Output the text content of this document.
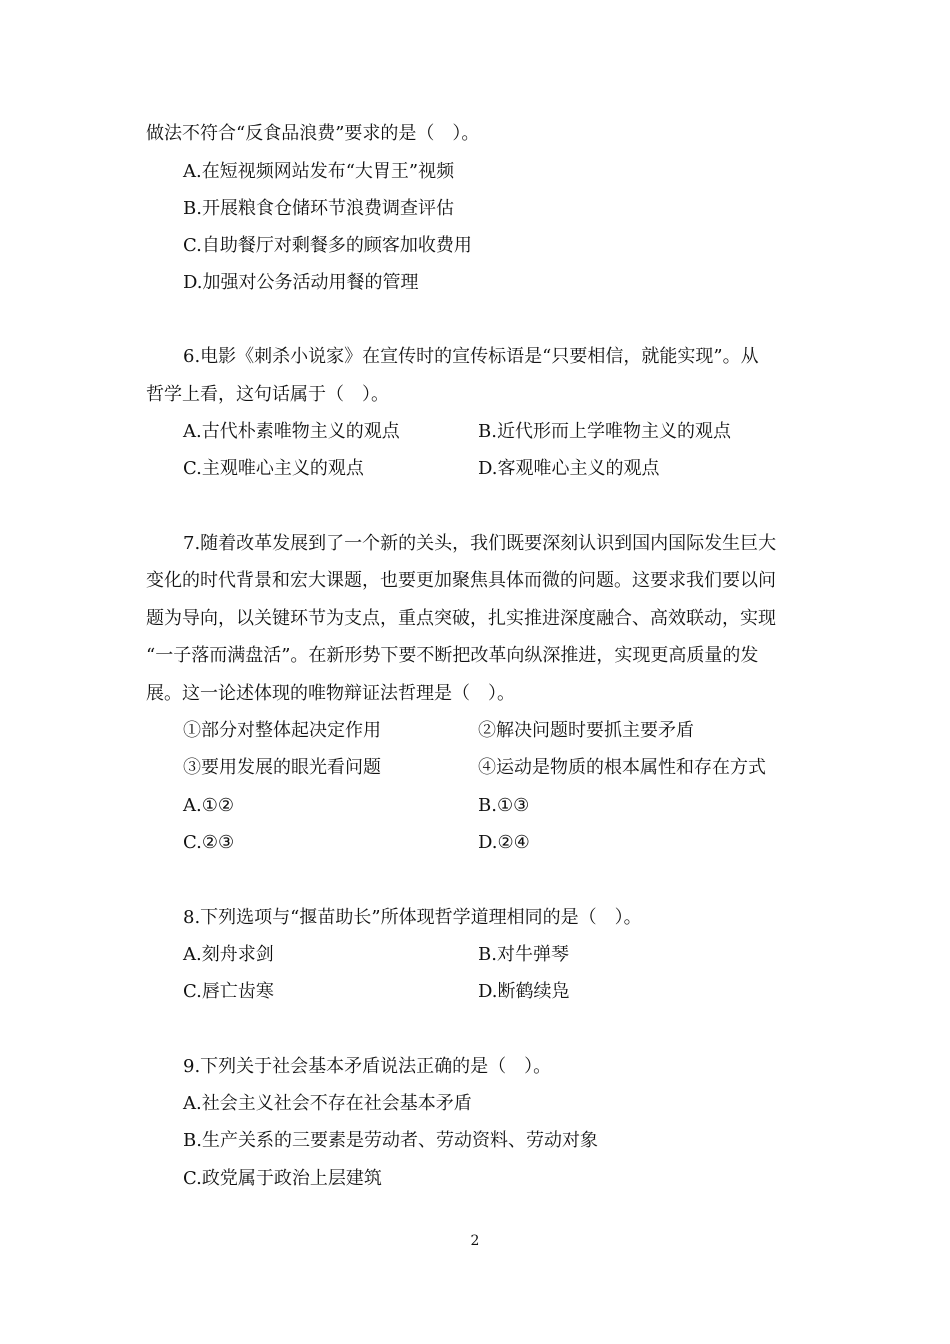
做法不符合“反食品浪费”要求的是（　）。
A.在短视频网站发布“大胃王”视频
B.开展粮食仓储环节浪费调查评估
C.自助餐厅对剩餐多的顾客加收费用
D.加强对公务活动用餐的管理
6.电影《刺杀小说家》在宣传时的宣传标语是“只要相信，就能实现”。从
哲学上看，这句话属于（　）。
A.古代朴素唯物主义的观点	B.近代形而上学唯物主义的观点
C.主观唯心主义的观点	D.客观唯心主义的观点
7.随着改革发展到了一个新的关头，我们既要深刻认识到国内国际发生巨大
变化的时代背景和宏大课题，也要更加聚焦具体而微的问题。这要求我们要以问
题为导向，以关键环节为支点，重点突破，扎实推进深度融合、高效联动，实现
“一子落而满盘活”。在新形势下要不断把改革向纵深推进，实现更高质量的发
展。这一论述体现的唯物辩证法哲理是（　）。
①部分对整体起决定作用	②解决问题时要抓主要矛盾
③要用发展的眼光看问题	④运动是物质的根本属性和存在方式
A.①②	B.①③
C.②③	D.②④
8.下列选项与“揠苗助长”所体现哲学道理相同的是（　）。
A.刻舟求剑	B.对牛弹琴
C.唇亡齿寒	D.断鹤续凫
9.下列关于社会基本矛盾说法正确的是（　）。
A.社会主义社会不存在社会基本矛盾
B.生产关系的三要素是劳动者、劳动资料、劳动对象
C.政党属于政治上层建筑
2
